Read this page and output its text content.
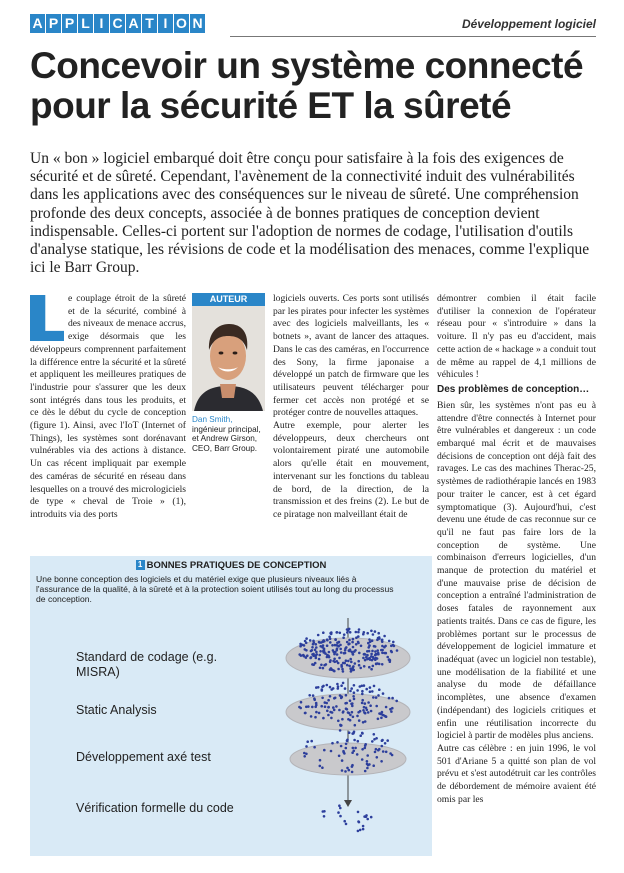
A P P L I C A T I O N	Développement logiciel
Concevoir un système connecté
pour la sécurité ET la sûreté

Un « bon » logiciel embarqué doit être conçu pour satisfaire à la fois des exigences de sécurité et de sûreté. Cependant, l'avènement de la connectivité induit des vulnérabilités dans les applications avec des conséquences sur le niveau de sûreté. Une compréhension profonde des deux concepts, associée à de bonnes pratiques de conception devient indispensable. Celles-ci portent sur l'adoption de normes de codage, l'utilisation d'outils d'analyse statique, les révisions de code et la modélisation des menaces, comme l'explique ici le Barr Group.

e couplage étroit de la sûreté et de la sécurité, combiné à des niveaux de menace accrus, exige désormais que les développeurs comprennent parfaitement la différence entre la sécurité et la sûreté et appliquent les meilleures pratiques de l'industrie pour s'assurer que les deux sont intégrés dans tous les produits, et ce dès le début du cycle de conception (figure 1). Ainsi, avec l'IoT (Internet of Things), les systèmes sont dorénavant vulnérables via des actions à distance. Un cas récent impliquait par exemple des caméras de sécurité en réseau dans lesquelles on a trouvé des micrologiciels de type « cheval de Troie » (1), introduits via des ports

AUTEUR
Dan Smith, ingénieur principal, et Andrew Girson, CEO, Barr Group.

logiciels ouverts. Ces ports sont utilisés par les pirates pour infecter les systèmes avec des logiciels malveillants, les « botnets », avant de lancer des attaques. Dans le cas des caméras, en l'occurrence des Sony, la firme japonaise a développé un patch de firmware que les utilisateurs peuvent télécharger pour fermer cet accès non protégé et se protéger contre de nouvelles attaques.

Autre exemple, pour alerter les développeurs, deux chercheurs ont volontairement piraté une automobile alors qu'elle était en mouvement, intervenant sur les fonctions du tableau de bord, de la direction, de la transmission et des freins (2). Le but de ce piratage non malveillant était de

démontrer combien il était facile d'utiliser la connexion de l'opérateur réseau pour « s'introduire » dans la voiture. Il n'y pas eu d'accident, mais cette action de « hackage » a conduit tout de même au rappel de 4,1 millions de véhicules !

Des problèmes de conception…

Bien sûr, les systèmes n'ont pas eu à attendre d'être connectés à Internet pour être vulnérables et dangereux : un code embarqué mal écrit et de mauvaises décisions de conception ont déjà fait des ravages. Le cas des machines Therac-25, systèmes de radiothérapie lancés en 1983 pour traiter le cancer, est à cet égard symptomatique (3). Aujourd'hui, c'est devenu une étude de cas reconnue sur ce qu'il ne faut pas faire lors de la conception de système. Une combinaison d'erreurs logicielles, d'un manque de protection du matériel et d'une mauvaise prise de décision de conception a entraîné l'administration de doses fatales de rayonnement aux patients traités. Dans ce cas de figure, les problèmes portant sur le processus de développement de logiciel immature et inadéquat (avec un logiciel non testable), une modélisation de la fiabilité et une analyse du mode de défaillance incomplètes, une absence d'examen (indépendant) des logiciels critiques et enfin une réutilisation incorrecte du logiciel à partir de modèles plus anciens.

Autre cas célèbre : en juin 1996, le vol 501 d'Ariane 5 a quitté son plan de vol prévu et s'est autodétruit car les contrôles de débordement de mémoire avaient été omis par les

1 BONNES PRATIQUES DE CONCEPTION
Une bonne conception des logiciels et du matériel exige que plusieurs niveaux liés à l'assurance de la qualité, à la sûreté et à la protection soient utilisés tout au long du processus de conception.
Standard de codage (e.g. MISRA)
Static Analysis
Développement axé test
Vérification formelle du code
